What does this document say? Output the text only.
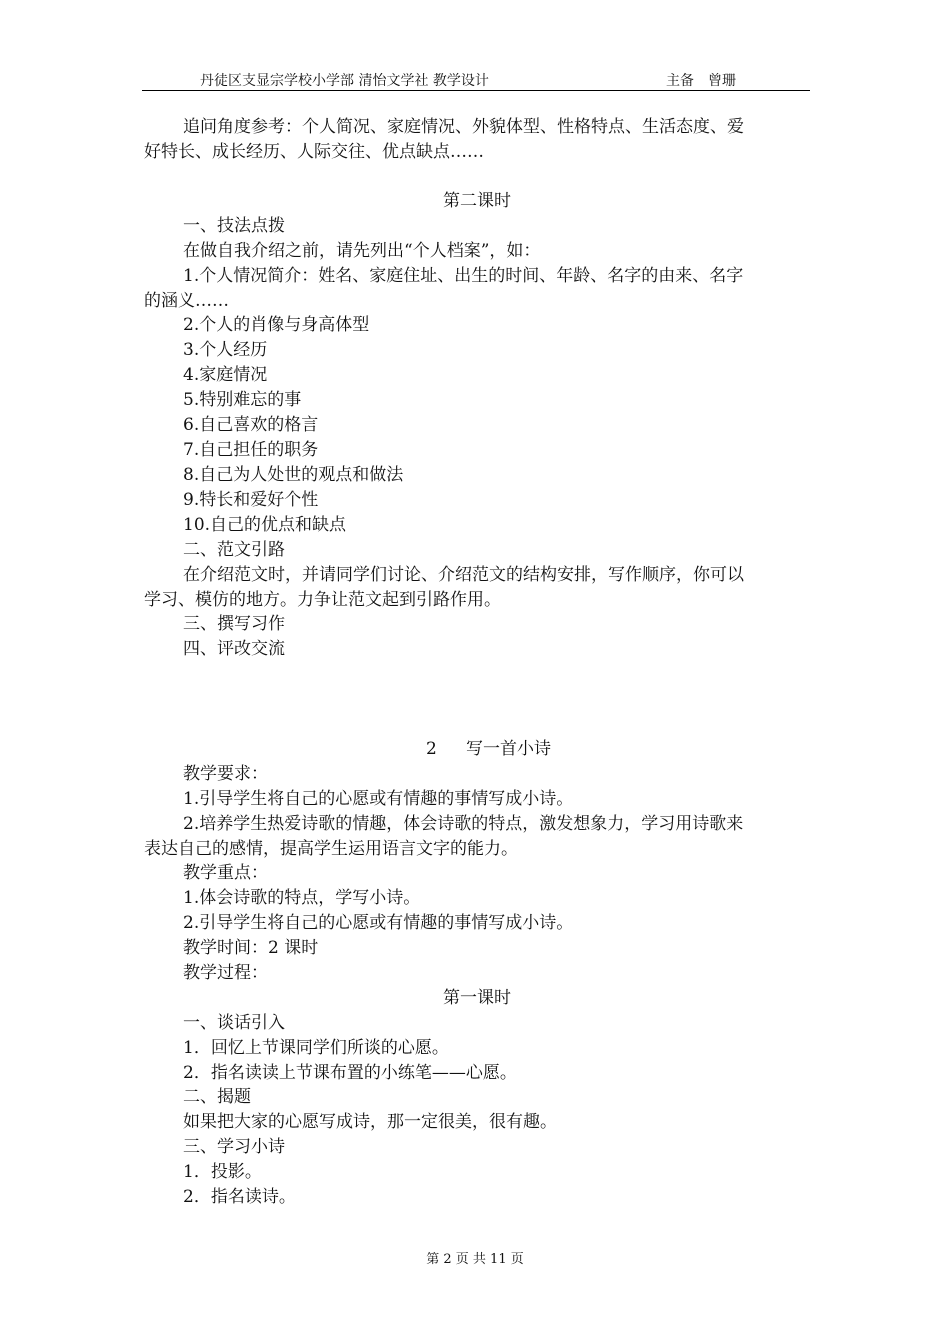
丹徒区支显宗学校小学部 清怡文学社 教学设计	主备　曾珊
追问角度参考：个人简况、家庭情况、外貌体型、性格特点、生活态度、爱
好特长、成长经历、人际交往、优点缺点……
第二课时
一、技法点拨
在做自我介绍之前，请先列出“个人档案”，如：
1.个人情况简介：姓名、家庭住址、出生的时间、年龄、名字的由来、名字
的涵义……
2.个人的肖像与身高体型
3.个人经历
4.家庭情况
5.特别难忘的事
6.自己喜欢的格言
7.自己担任的职务
8.自己为人处世的观点和做法
9.特长和爱好个性
10.自己的优点和缺点
二、范文引路
在介绍范文时，并请同学们讨论、介绍范文的结构安排，写作顺序，你可以
学习、模仿的地方。力争让范文起到引路作用。
三、撰写习作
四、评改交流
2 写一首小诗
教学要求：
1.引导学生将自己的心愿或有情趣的事情写成小诗。
2.培养学生热爱诗歌的情趣，体会诗歌的特点，激发想象力，学习用诗歌来
表达自己的感情，提高学生运用语言文字的能力。
教学重点：
1.体会诗歌的特点，学写小诗。
2.引导学生将自己的心愿或有情趣的事情写成小诗。
教学时间：2 课时
教学过程：
第一课时
一、谈话引入
1．回忆上节课同学们所谈的心愿。
2．指名读读上节课布置的小练笔——心愿。
二、揭题
如果把大家的心愿写成诗，那一定很美，很有趣。
三、学习小诗
1．投影。
2．指名读诗。
第 2 页 共 11 页
